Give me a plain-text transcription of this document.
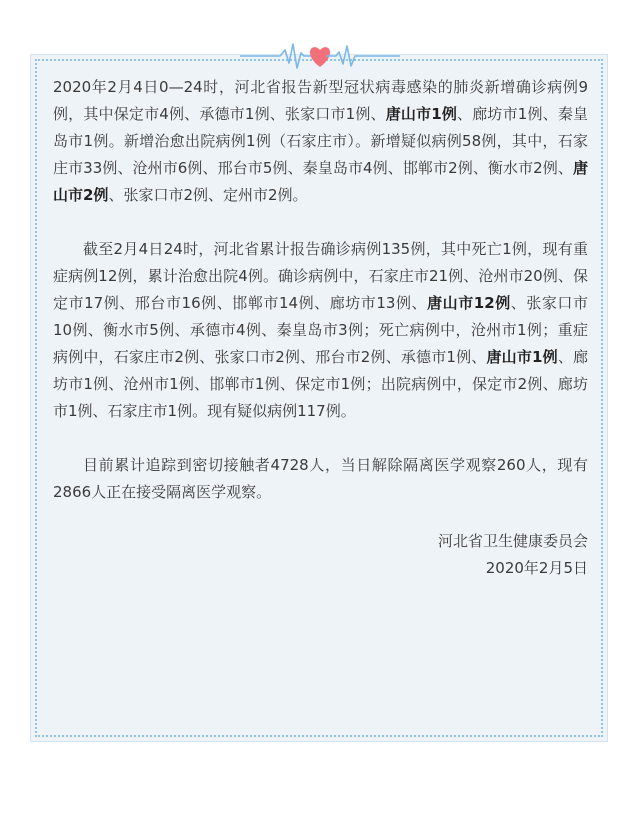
2020年2月4日0—24时，河北省报告新型冠状病毒感染的肺炎新增确诊病例9例，其中保定市4例、承德市1例、张家口市1例、唐山市1例、廊坊市1例、秦皇岛市1例。新增治愈出院病例1例（石家庄市）。新增疑似病例58例，其中，石家庄市33例、沧州市6例、邢台市5例、秦皇岛市4例、邯郸市2例、衡水市2例、唐山市2例、张家口市2例、定州市2例。

截至2月4日24时，河北省累计报告确诊病例135例，其中死亡1例，现有重症病例12例，累计治愈出院4例。确诊病例中，石家庄市21例、沧州市20例、保定市17例、邢台市16例、邯郸市14例、廊坊市13例、唐山市12例、张家口市10例、衡水市5例、承德市4例、秦皇岛市3例；死亡病例中，沧州市1例；重症病例中，石家庄市2例、张家口市2例、邢台市2例、承德市1例、唐山市1例、廊坊市1例、沧州市1例、邯郸市1例、保定市1例；出院病例中，保定市2例、廊坊市1例、石家庄市1例。现有疑似病例117例。

目前累计追踪到密切接触者4728人，当日解除隔离医学观察260人，现有2866人正在接受隔离医学观察。

河北省卫生健康委员会

2020年2月5日
